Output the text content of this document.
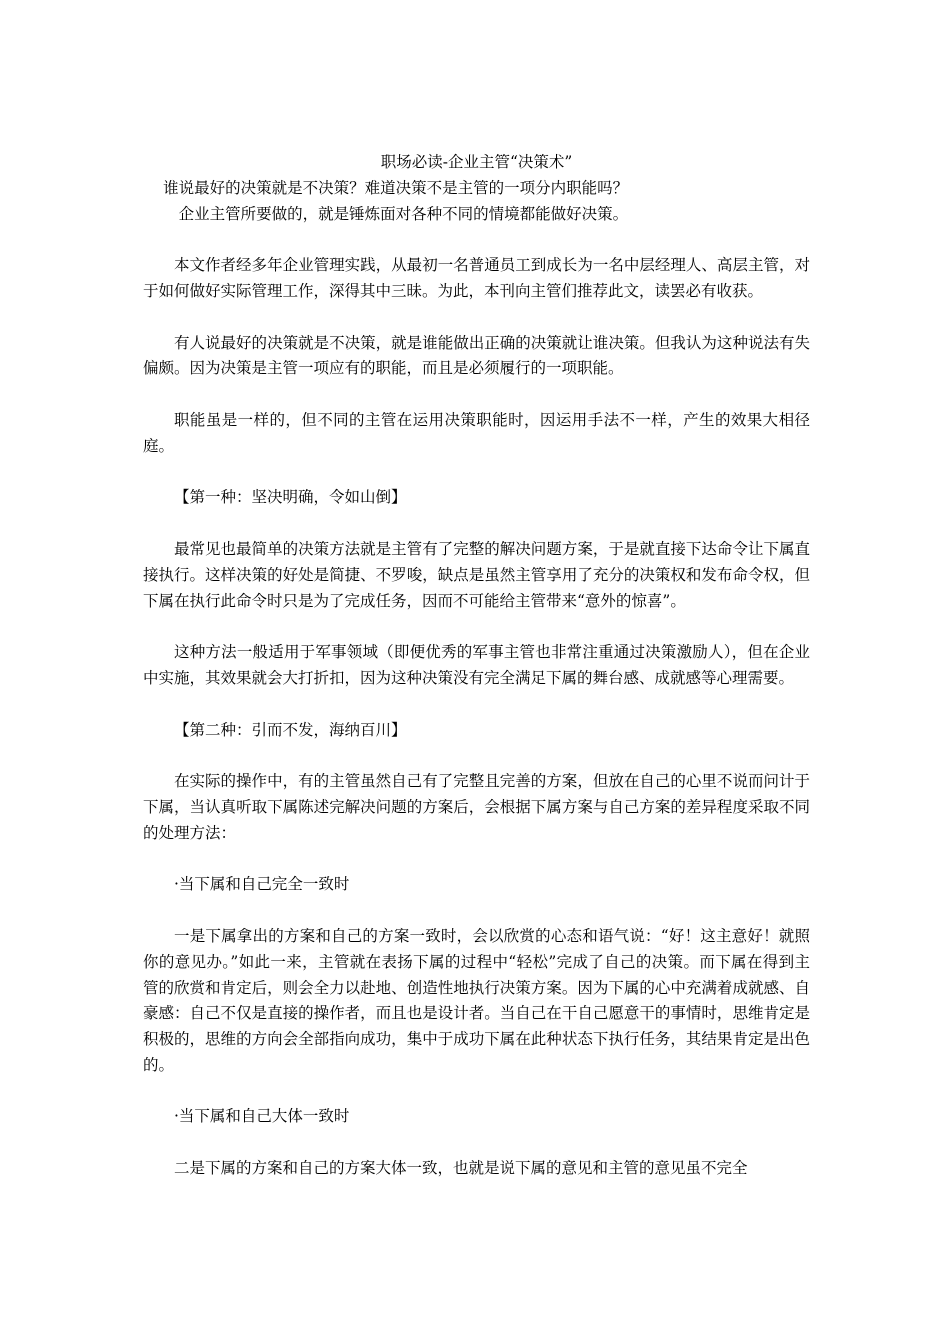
职场必读-企业主管“决策术”
谁说最好的决策就是不决策？难道决策不是主管的一项分内职能吗？
企业主管所要做的，就是锤炼面对各种不同的情境都能做好决策。

本文作者经多年企业管理实践，从最初一名普通员工到成长为一名中层经理人、高层主管，对于如何做好实际管理工作，深得其中三昧。为此，本刊向主管们推荐此文，读罢必有收获。

有人说最好的决策就是不决策，就是谁能做出正确的决策就让谁决策。但我认为这种说法有失偏颇。因为决策是主管一项应有的职能，而且是必须履行的一项职能。

职能虽是一样的，但不同的主管在运用决策职能时，因运用手法不一样，产生的效果大相径庭。

【第一种：坚决明确，令如山倒】

最常见也最简单的决策方法就是主管有了完整的解决问题方案，于是就直接下达命令让下属直接执行。这样决策的好处是简捷、不罗唆，缺点是虽然主管享用了充分的决策权和发布命令权，但下属在执行此命令时只是为了完成任务，因而不可能给主管带来“意外的惊喜”。

这种方法一般适用于军事领域（即便优秀的军事主管也非常注重通过决策激励人），但在企业中实施，其效果就会大打折扣，因为这种决策没有完全满足下属的舞台感、成就感等心理需要。

【第二种：引而不发，海纳百川】

在实际的操作中，有的主管虽然自己有了完整且完善的方案，但放在自己的心里不说而问计于下属，当认真听取下属陈述完解决问题的方案后，会根据下属方案与自己方案的差异程度采取不同的处理方法：

·当下属和自己完全一致时

一是下属拿出的方案和自己的方案一致时，会以欣赏的心态和语气说：“好！这主意好！就照你的意见办。”如此一来，主管就在表扬下属的过程中“轻松”完成了自己的决策。而下属在得到主管的欣赏和肯定后，则会全力以赴地、创造性地执行决策方案。因为下属的心中充满着成就感、自豪感：自己不仅是直接的操作者，而且也是设计者。当自己在干自己愿意干的事情时，思维肯定是积极的，思维的方向会全部指向成功，集中于成功下属在此种状态下执行任务，其结果肯定是出色的。

·当下属和自己大体一致时

二是下属的方案和自己的方案大体一致，也就是说下属的意见和主管的意见虽不完全
